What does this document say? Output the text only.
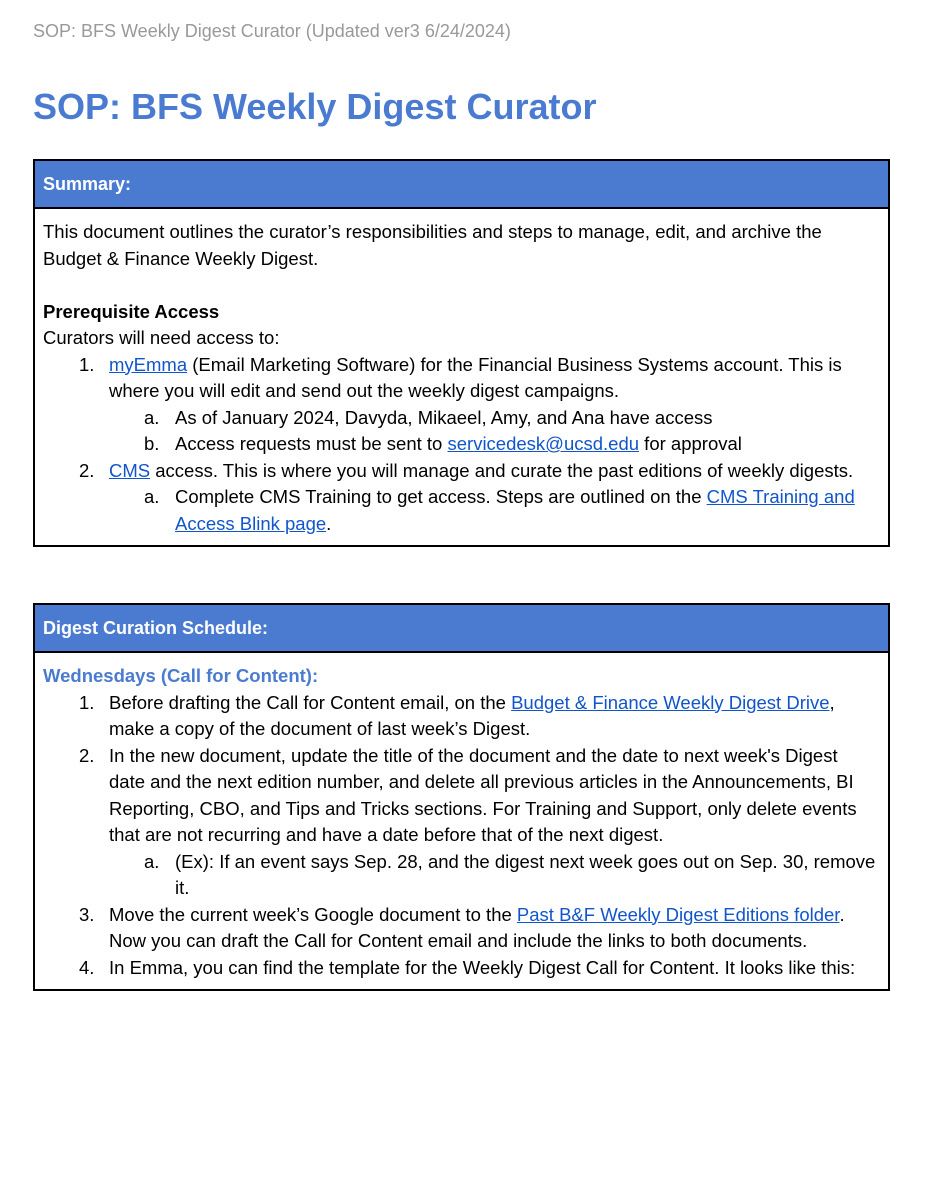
SOP: BFS Weekly Digest Curator (Updated ver3 6/24/2024)
SOP: BFS Weekly Digest Curator
Summary:

This document outlines the curator’s responsibilities and steps to manage, edit, and archive the Budget & Finance Weekly Digest.

Prerequisite Access
Curators will need access to:
1. myEmma (Email Marketing Software) for the Financial Business Systems account. This is where you will edit and send out the weekly digest campaigns.
a. As of January 2024, Davyda, Mikaeel, Amy, and Ana have access
b. Access requests must be sent to servicedesk@ucsd.edu for approval
2. CMS access. This is where you will manage and curate the past editions of weekly digests.
a. Complete CMS Training to get access. Steps are outlined on the CMS Training and Access Blink page.
Digest Curation Schedule:
Wednesdays (Call for Content):
1. Before drafting the Call for Content email, on the Budget & Finance Weekly Digest Drive, make a copy of the document of last week’s Digest.
2. In the new document, update the title of the document and the date to next week's Digest date and the next edition number, and delete all previous articles in the Announcements, BI Reporting, CBO, and Tips and Tricks sections. For Training and Support, only delete events that are not recurring and have a date before that of the next digest.
a. (Ex): If an event says Sep. 28, and the digest next week goes out on Sep. 30, remove it.
3. Move the current week’s Google document to the Past B&F Weekly Digest Editions folder. Now you can draft the Call for Content email and include the links to both documents.
4. In Emma, you can find the template for the Weekly Digest Call for Content. It looks like this:
